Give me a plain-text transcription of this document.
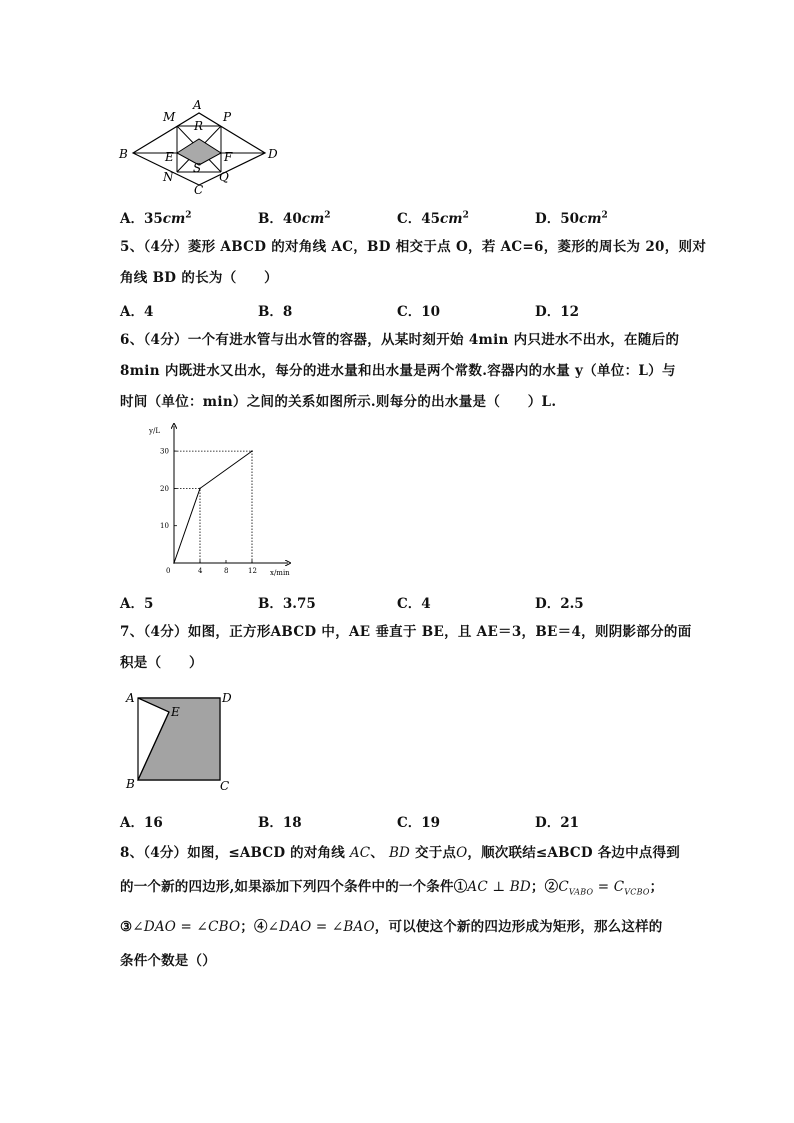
M
A
P
R
B	E	F	D
S
N
C
Q
A．$35cm^2$	B．$40cm^2$	C．$45cm^2$	D．$50cm^2$
5、（4分）菱形 ABCD 的对角线 AC，BD 相交于点 O，若 AC=6，菱形的周长为 20，则对
角线 BD 的长为（　　）
A．4	B．8	C．10	D．12
6、（4分）一个有进水管与出水管的容器，从某时刻开始 4min 内只进水不出水，在随后的
8min 内既进水又出水，每分的进水量和出水量是两个常数.容器内的水量 y（单位：L）与
时间（单位：min）之间的关系如图所示.则每分的出水量是（　　）L.
4	8	12
10
20
30
y/L
x/min
0
A．5	B．3.75	C．4	D．2.5
7、（4分）如图，正方形ABCD 中，AE 垂直于 BE，且 AE＝3，BE＝4，则阴影部分的面
积是（　　）
A	D
E
B	C
A．16	B．18	C．19	D．21
8、（4分）如图，≤ABCD 的对角线 AC、 BD 交于点O，顺次联结≤ABCD 各边中点得到
的一个新的四边形,如果添加下列四个条件中的一个条件①AC ⊥ BD；$②C_{VABO} = C_{VCBO}$；
③∠DAO = ∠CBO；④∠DAO = ∠BAO，可以使这个新的四边形成为矩形，那么这样的
条件个数是（）
